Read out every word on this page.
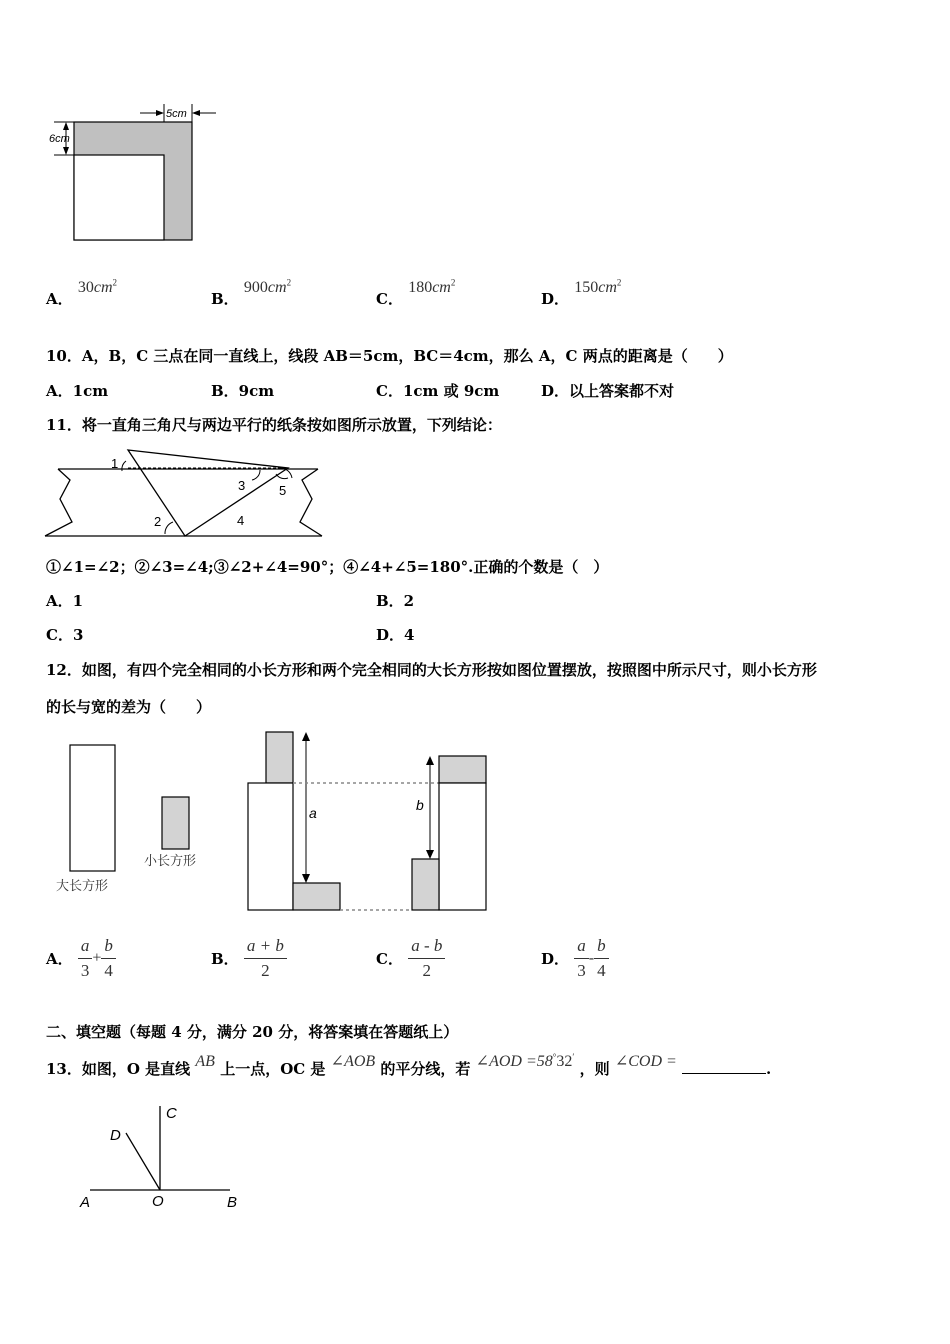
5cm
6cm
A． $30cm^2$
B． $900cm^2$
C． $180cm^2$
D． $150cm^2$
10．A，B，C 三点在同一直线上，线段 AB＝5cm，BC＝4cm，那么 A，C 两点的距离是（　　）
A．1cm	B．9cm	C．1cm 或 9cm	D．以上答案都不对
11．将一直角三角尺与两边平行的纸条按如图所示放置，下列结论：
1
2
3
4
5
①∠1=∠2；②∠3=∠4;③∠2+∠4=90°；④∠4+∠5=180°.正确的个数是（　）
A．1	B．2
C．3	D．4
12．如图，有四个完全相同的小长方形和两个完全相同的大长方形按如图位置摆放，按照图中所示尺寸，则小长方形
的长与宽的差为（　　）
大长方形
小长方形
a	b
A． $\frac{a}{3} + \frac{b}{4}$	B． $\frac{a + b}{2}$	C． $\frac{a - b}{2}$	D． $\frac{a}{3} - \frac{b}{4}$
二、填空题（每题 4 分，满分 20 分，将答案填在答题纸上）
13．如图，O 是直线 AB 上一点，OC 是 ∠AOB 的平分线，若 ∠AOD =58°32′ ，则 ∠COD =	.
A	O	B
C
D
